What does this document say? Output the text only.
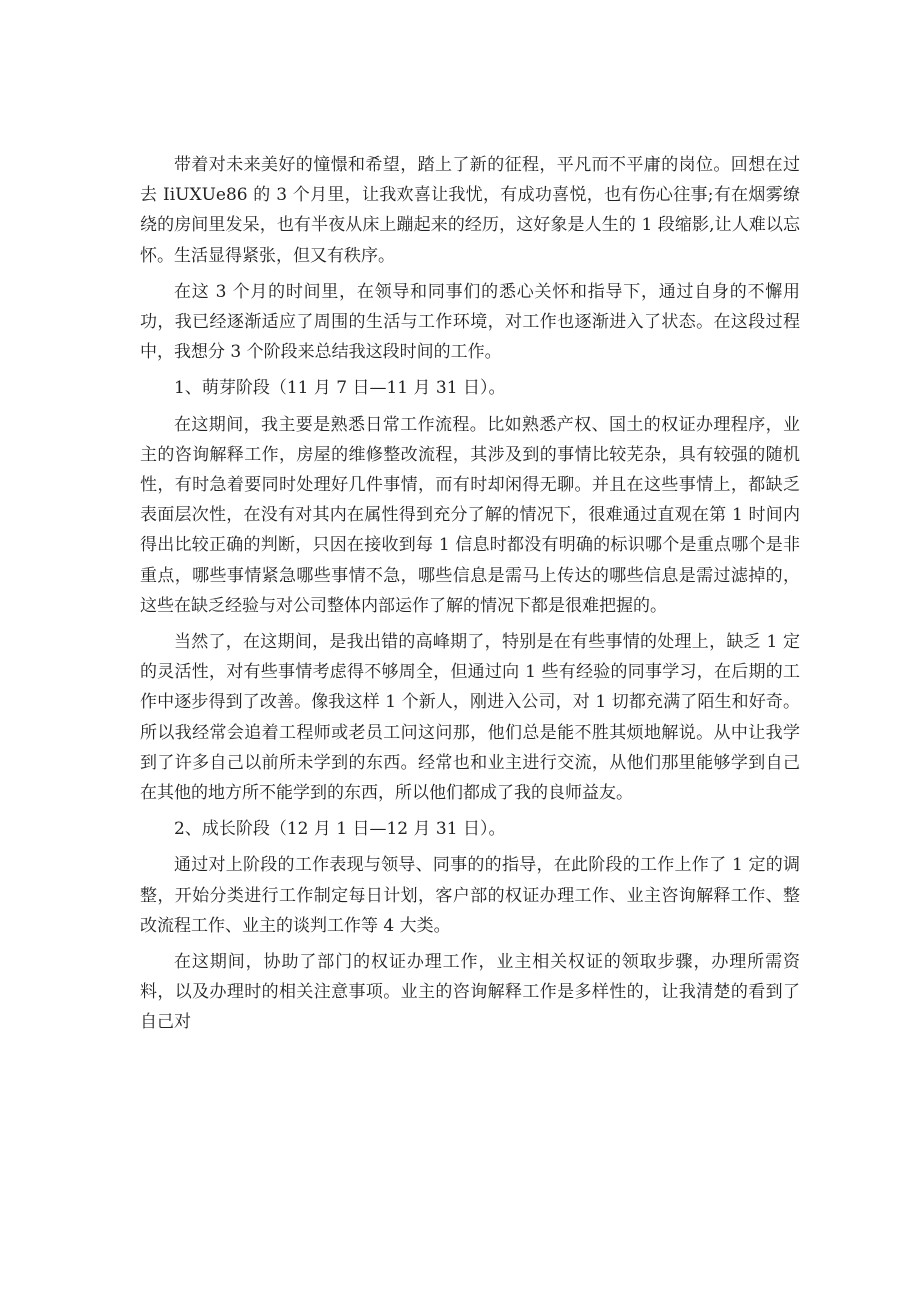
带着对未来美好的憧憬和希望，踏上了新的征程，平凡而不平庸的岗位。回想在过去 IiUXUe86 的 3 个月里，让我欢喜让我忧，有成功喜悦，也有伤心往事;有在烟雾缭绕的房间里发呆，也有半夜从床上蹦起来的经历，这好象是人生的 1 段缩影,让人难以忘怀。生活显得紧张，但又有秩序。

在这 3 个月的时间里，在领导和同事们的悉心关怀和指导下，通过自身的不懈用功，我已经逐渐适应了周围的生活与工作环境，对工作也逐渐进入了状态。在这段过程中，我想分 3 个阶段来总结我这段时间的工作。

1、萌芽阶段（11 月 7 日—11 月 31 日）。

在这期间，我主要是熟悉日常工作流程。比如熟悉产权、国土的权证办理程序，业主的咨询解释工作，房屋的维修整改流程，其涉及到的事情比较芜杂，具有较强的随机性，有时急着要同时处理好几件事情，而有时却闲得无聊。并且在这些事情上，都缺乏表面层次性，在没有对其内在属性得到充分了解的情况下，很难通过直观在第 1 时间内得出比较正确的判断，只因在接收到每 1 信息时都没有明确的标识哪个是重点哪个是非重点，哪些事情紧急哪些事情不急，哪些信息是需马上传达的哪些信息是需过滤掉的，这些在缺乏经验与对公司整体内部运作了解的情况下都是很难把握的。

当然了，在这期间，是我出错的高峰期了，特别是在有些事情的处理上，缺乏 1 定的灵活性，对有些事情考虑得不够周全，但通过向 1 些有经验的同事学习，在后期的工作中逐步得到了改善。像我这样 1 个新人，刚进入公司，对 1 切都充满了陌生和好奇。所以我经常会追着工程师或老员工问这问那，他们总是能不胜其烦地解说。从中让我学到了许多自己以前所未学到的东西。经常也和业主进行交流，从他们那里能够学到自己在其他的地方所不能学到的东西，所以他们都成了我的良师益友。

2、成长阶段（12 月 1 日—12 月 31 日）。

通过对上阶段的工作表现与领导、同事的的指导，在此阶段的工作上作了 1 定的调整，开始分类进行工作制定每日计划，客户部的权证办理工作、业主咨询解释工作、整改流程工作、业主的谈判工作等 4 大类。

在这期间，协助了部门的权证办理工作，业主相关权证的领取步骤，办理所需资料，以及办理时的相关注意事项。业主的咨询解释工作是多样性的，让我清楚的看到了自己对
